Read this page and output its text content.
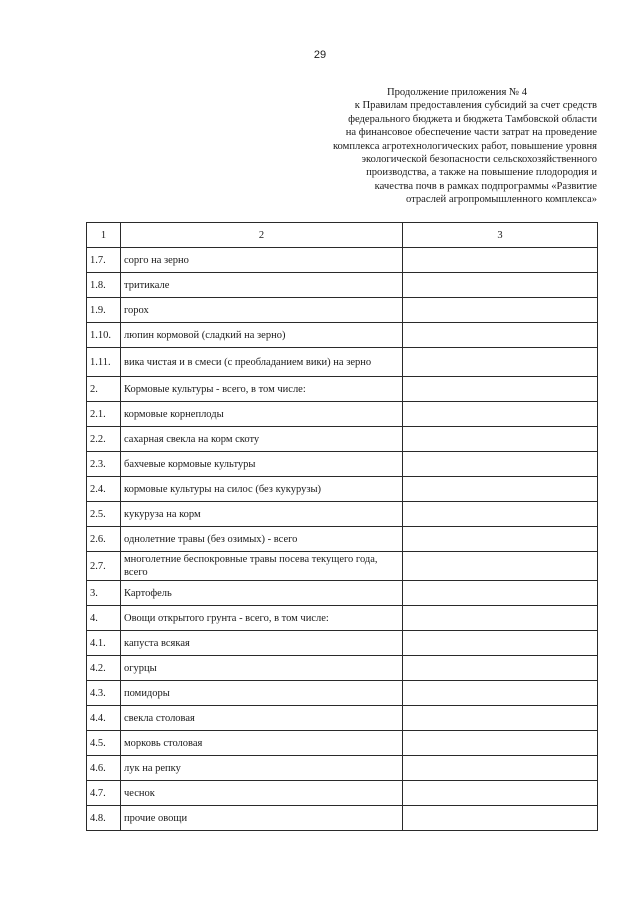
29
Продолжение приложения № 4
к Правилам предоставления субсидий за счет средств
федерального бюджета и бюджета Тамбовской области
на финансовое обеспечение части затрат на проведение
комплекса агротехнологических работ, повышение уровня
экологической безопасности сельскохозяйственного
производства, а также на повышение плодородия и
качества почв в рамках подпрограммы «Развитие
отраслей агропромышленного комплекса»
1	2	3
1.7.	сорго на зерно	
1.8.	тритикале	
1.9.	горох	
1.10.	люпин кормовой (сладкий на зерно)	
1.11.	вика чистая и в смеси (с преобладанием вики) на зерно	
2.	Кормовые культуры - всего, в том числе:	
2.1.	кормовые корнеплоды	
2.2.	сахарная свекла на корм скоту	
2.3.	бахчевые кормовые культуры	
2.4.	кормовые культуры на силос (без кукурузы)	
2.5.	кукуруза на корм	
2.6.	однолетние травы (без озимых) - всего	
2.7.	многолетние беспокровные травы посева текущего года, всего	
3.	Картофель	
4.	Овощи открытого грунта - всего, в том числе:	
4.1.	капуста всякая	
4.2.	огурцы	
4.3.	помидоры	
4.4.	свекла столовая	
4.5.	морковь столовая	
4.6.	лук на репку	
4.7.	чеснок	
4.8.	прочие овощи	
